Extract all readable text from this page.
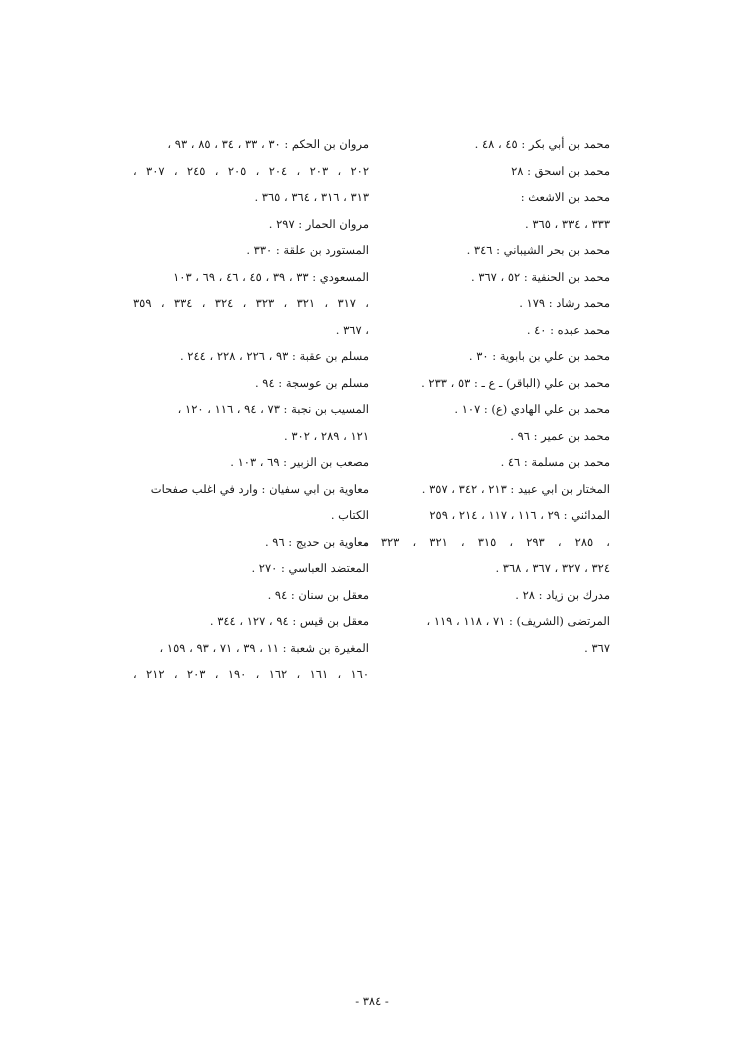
محمد بن أبي بكر : ٤٥ ، ٤٨ .
محمد بن اسحق : ٢٨
محمد بن الاشعث :
٣٣٣ ، ٣٣٤ ، ٣٦٥ .
محمد بن بحر الشيباني : ٣٤٦ .
محمد بن الحنفية : ٥٢ ، ٣٦٧ .
محمد رشاد : ١٧٩ .
محمد عبده : ٤٠ .
محمد بن علي بن بابوية : ٣٠ .
محمد بن علي (الباقر) ـ ع ـ : ٥٣ ، ٢٣٣ .
محمد بن علي الهادي (ع) : ١٠٧ .
محمد بن عمير : ٩٦ .
محمد بن مسلمة : ٤٦ .
المختار بن ابي عبيد : ٢١٣ ، ٣٤٢ ، ٣٥٧ .
المدائني : ٢٩ ، ١١٦ ، ١١٧ ، ٢١٤ ، ٢٥٩
، ٢٨٥ ، ٢٩٣ ، ٣١٥ ، ٣٢١ ، ٣٢٣ ،
٣٢٤ ، ٣٢٧ ، ٣٦٧ ، ٣٦٨ .
مدرك بن زياد : ٢٨ .
المرتضى (الشريف) : ٧١ ، ١١٨ ، ١١٩ ،
٣٦٧ .
مروان بن الحكم : ٣٠ ، ٣٣ ، ٣٤ ، ٨٥ ، ٩٣ ،
٢٠٢ ، ٢٠٣ ، ٢٠٤ ، ٢٠٥ ، ٢٤٥ ، ٣٠٧ ،
٣١٣ ، ٣١٦ ، ٣٦٤ ، ٣٦٥ .
مروان الحمار : ٢٩٧ .
المستورد بن علقة : ٣٣٠ .
المسعودي : ٣٣ ، ٣٩ ، ٤٥ ، ٤٦ ، ٦٩ ، ١٠٣
، ٣١٧ ، ٣٢١ ، ٣٢٣ ، ٣٢٤ ، ٣٣٤ ، ٣٥٩
، ٣٦٧ .
مسلم بن عقبة : ٩٣ ، ٢٢٦ ، ٢٢٨ ، ٢٤٤ .
مسلم بن عوسجة : ٩٤ .
المسيب بن نجبة : ٧٣ ، ٩٤ ، ١١٦ ، ١٢٠ ،
١٢١ ، ٢٨٩ ، ٣٠٢ .
مصعب بن الزبير : ٦٩ ، ١٠٣ .
معاوية بن ابي سفيان : وارد في اغلب صفحات
الكتاب .
معاوية بن حديج : ٩٦ .
المعتضد العباسي : ٢٧٠ .
معقل بن سنان : ٩٤ .
معقل بن قيس : ٩٤ ، ١٢٧ ، ٣٤٤ .
المغيرة بن شعبة : ١١ ، ٣٩ ، ٧١ ، ٩٣ ، ١٥٩ ،
١٦٠ ، ١٦١ ، ١٦٢ ، ١٩٠ ، ٢٠٣ ، ٢١٢ ،
- ٣٨٤ -
